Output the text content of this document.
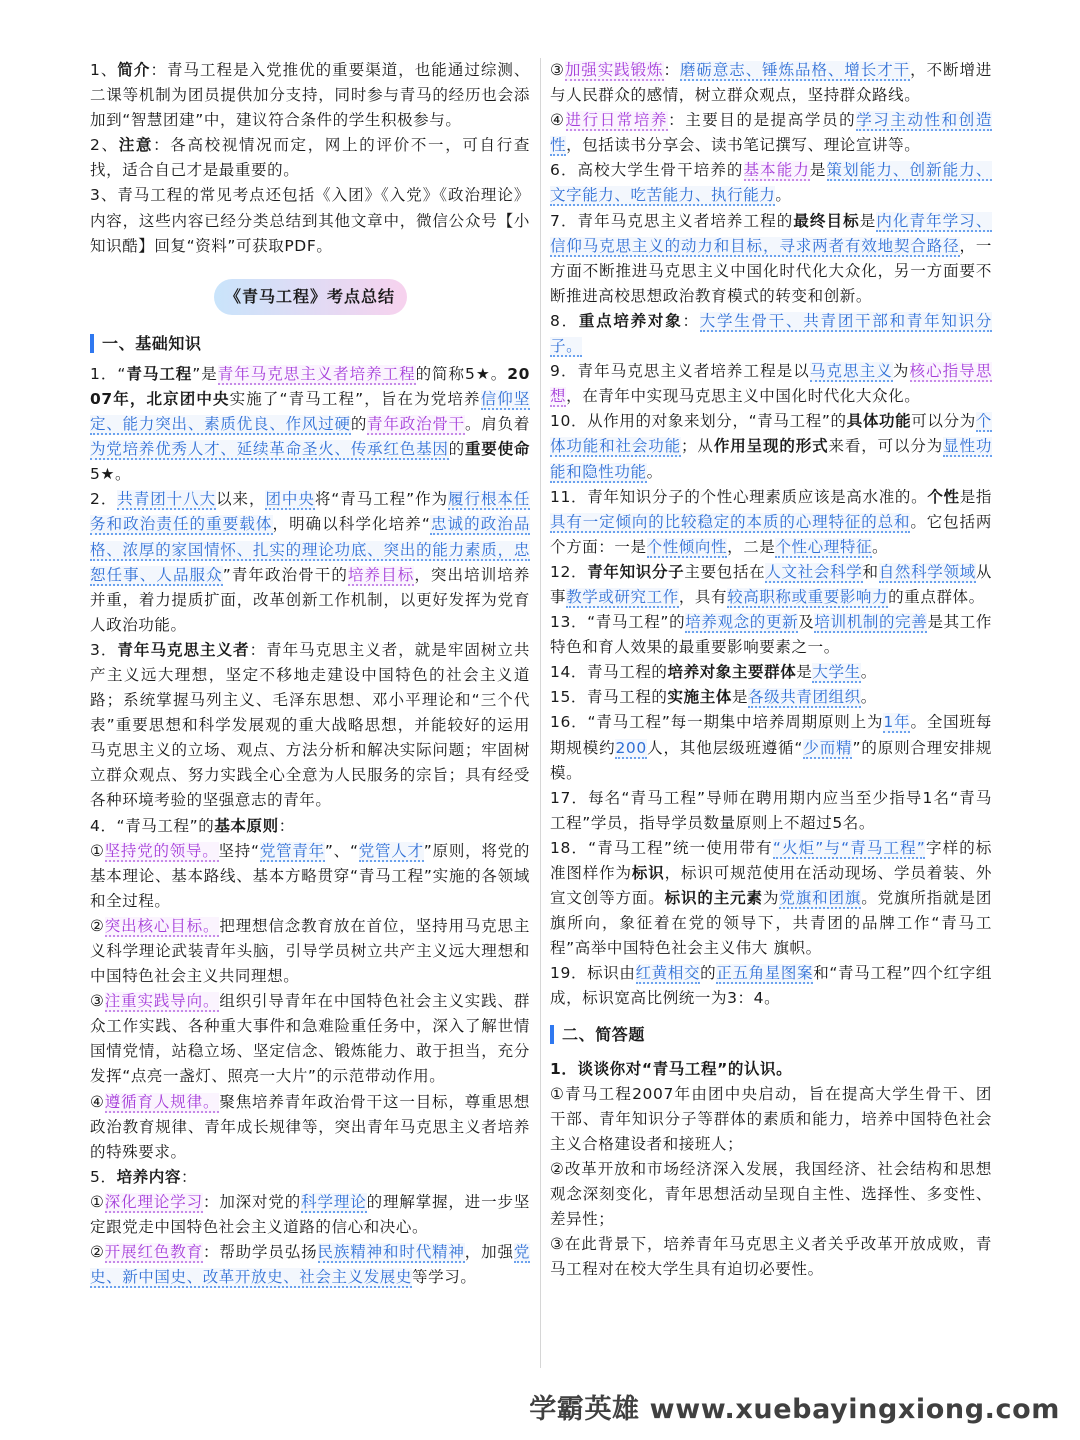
1、简介：青马工程是入党推优的重要渠道，也能通过综测、二课等机制为团员提供加分支持，同时参与青马的经历也会添加到“智慧团建”中，建议符合条件的学生积极参与。

2、注意：各高校视情况而定，网上的评价不一，可自行查找，适合自己才是最重要的。

3、青马工程的常见考点还包括《入团》《入党》《政治理论》内容，这些内容已经分类总结到其他文章中，微信公众号【小知识酷】回复“资料”可获取PDF。

《青马工程》考点总结
一、基础知识

1．“青马工程”是青年马克思主义者培养工程的简称5★。2007年，北京团中央实施了“青马工程”，旨在为党培养信仰坚定、能力突出、素质优良、作风过硬的青年政治骨干。肩负着为党培养优秀人才、延续革命圣火、传承红色基因的重要使命5★。

2．共青团十八大以来，团中央将“青马工程”作为履行根本任务和政治责任的重要载体，明确以科学化培养“忠诚的政治品格、浓厚的家国情怀、扎实的理论功底、突出的能力素质，忠恕任事、人品服众”青年政治骨干的培养目标，突出培训培养并重，着力提质扩面，改革创新工作机制，以更好发挥为党育人政治功能。

3．青年马克思主义者：青年马克思主义者，就是牢固树立共产主义远大理想，坚定不移地走建设中国特色的社会主义道路；系统掌握马列主义、毛泽东思想、邓小平理论和“三个代表”重要思想和科学发展观的重大战略思想，并能较好的运用马克思主义的立场、观点、方法分析和解决实际问题；牢固树立群众观点、努力实践全心全意为人民服务的宗旨；具有经受各种环境考验的坚强意志的青年。

4．“青马工程”的基本原则：

①坚持党的领导。坚持“党管青年”、“党管人才”原则，将党的基本理论、基本路线、基本方略贯穿“青马工程”实施的各领域和全过程。

②突出核心目标。把理想信念教育放在首位，坚持用马克思主义科学理论武装青年头脑，引导学员树立共产主义远大理想和中国特色社会主义共同理想。

③注重实践导向。组织引导青年在中国特色社会主义实践、群众工作实践、各种重大事件和急难险重任务中，深入了解世情国情党情，站稳立场、坚定信念、锻炼能力、敢于担当，充分发挥“点亮一盏灯、照亮一大片”的示范带动作用。

④遵循育人规律。聚焦培养青年政治骨干这一目标，尊重思想政治教育规律、青年成长规律等，突出青年马克思主义者培养的特殊要求。

5．培养内容：

①深化理论学习：加深对党的科学理论的理解掌握，进一步坚定跟党走中国特色社会主义道路的信心和决心。

②开展红色教育：帮助学员弘扬民族精神和时代精神，加强党史、新中国史、改革开放史、社会主义发展史等学习。

③加强实践锻炼：磨砺意志、锤炼品格、增长才干，不断增进与人民群众的感情，树立群众观点，坚持群众路线。

④进行日常培养：主要目的是提高学员的学习主动性和创造性，包括读书分享会、读书笔记撰写、理论宣讲等。

6．高校大学生骨干培养的基本能力是策划能力、创新能力、文字能力、吃苦能力、执行能力。

7．青年马克思主义者培养工程的最终目标是内化青年学习、信仰马克思主义的动力和目标，寻求两者有效地契合路径，一方面不断推进马克思主义中国化时代化大众化，另一方面要不断推进高校思想政治教育模式的转变和创新。

8．重点培养对象：大学生骨干、共青团干部和青年知识分子。

9．青年马克思主义者培养工程是以马克思主义为核心指导思想，在青年中实现马克思主义中国化时代化大众化。

10．从作用的对象来划分，“青马工程”的具体功能可以分为个体功能和社会功能；从作用呈现的形式来看，可以分为显性功能和隐性功能。

11．青年知识分子的个性心理素质应该是高水准的。个性是指具有一定倾向的比较稳定的本质的心理特征的总和。它包括两个方面：一是个性倾向性，二是个性心理特征。

12．青年知识分子主要包括在人文社会科学和自然科学领域从事教学或研究工作，具有较高职称或重要影响力的重点群体。

13．“青马工程”的培养观念的更新及培训机制的完善是其工作特色和育人效果的最重要影响要素之一。

14．青马工程的培养对象主要群体是大学生。

15．青马工程的实施主体是各级共青团组织。

16．“青马工程”每一期集中培养周期原则上为1年。全国班每期规模约200人，其他层级班遵循“少而精”的原则合理安排规模。

17．每名“青马工程”导师在聘用期内应当至少指导1名“青马工程”学员，指导学员数量原则上不超过5名。

18．“青马工程”统一使用带有“火炬”与“青马工程”字样的标准图样作为标识，标识可规范使用在活动现场、学员着装、外宣文创等方面。标识的主元素为党旗和团旗。党旗所指就是团旗所向，象征着在党的领导下，共青团的品牌工作“青马工程”高举中国特色社会主义伟大 旗帜。

19．标识由红黄相交的正五角星图案和“青马工程”四个红字组成，标识宽高比例统一为3：4。

二、简答题

1．谈谈你对“青马工程”的认识。

①青马工程2007年由团中央启动，旨在提高大学生骨干、团干部、青年知识分子等群体的素质和能力，培养中国特色社会主义合格建设者和接班人；

②改革开放和市场经济深入发展，我国经济、社会结构和思想观念深刻变化，青年思想活动呈现自主性、选择性、多变性、差异性；

③在此背景下，培养青年马克思主义者关乎改革开放成败，青马工程对在校大学生具有迫切必要性。

学霸英雄 www.xuebayingxiong.com
